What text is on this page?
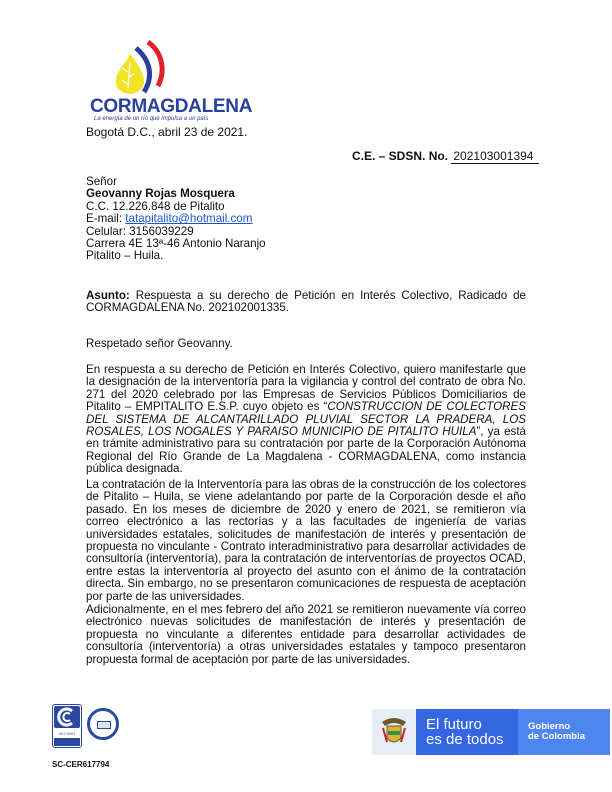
CORMAGDALENA
La energía de un río que impulsa a un país
Bogotá D.C., abril 23 de 2021.
C.E. – SDSN. No. 202103001394
Señor
Geovanny Rojas Mosquera
C.C. 12.226.848 de Pitalito
E-mail: tatapitalito@hotmail.com
Celular: 3156039229
Carrera 4E 13ª-46 Antonio Naranjo
Pitalito – Huila.
Asunto: Respuesta a su derecho de Petición en Interés Colectivo, Radicado de CORMAGDALENA No. 202102001335.
Respetado señor Geovanny.
En respuesta a su derecho de Petición en Interés Colectivo, quiero manifestarle que la designación de la interventoría para la vigilancia y control del contrato de obra No. 271 del 2020 celebrado por las Empresas de Servicios Públicos Domiciliarios de Pitalito – EMPITALITO E.S.P. cuyo objeto es “CONSTRUCCION DE COLECTORES DEL SISTEMA DE ALCANTARILLADO PLUVIAL SECTOR LA PRADERA, LOS ROSALES, LOS NOGALES Y PARAISO MUNICIPIO DE PITALITO HUILA”, ya está en trámite administrativo para su contratación por parte de la Corporación Autónoma Regional del Río Grande de La Magdalena - CORMAGDALENA, como instancia pública designada.
La contratación de la Interventoría para las obras de la construcción de los colectores de Pitalito – Huila, se viene adelantando por parte de la Corporación desde el año pasado. En los meses de diciembre de 2020 y enero de 2021, se remitieron vía correo electrónico a las rectorías y a las facultades de ingeniería de varias universidades estatales, solicitudes de manifestación de interés y presentación de propuesta no vinculante - Contrato interadministrativo para desarrollar actividades de consultoría (interventoría), para la contratación de interventorías de proyectos OCAD, entre estas la interventoría al proyecto del asunto con el ánimo de la contratación directa. Sin embargo, no se presentaron comunicaciones de respuesta de aceptación por parte de las universidades.
Adicionalmente, en el mes febrero del año 2021 se remitieron nuevamente vía correo electrónico nuevas solicitudes de manifestación de interés y presentación de propuesta no vinculante a diferentes entidade para desarrollar actividades de consultoría (interventoría) a otras universidades estatales y tampoco presentaron propuesta formal de aceptación por parte de las universidades.
ISO 9001
SC-CER617794
El futuro
es de todos
Gobierno
de Colombia
